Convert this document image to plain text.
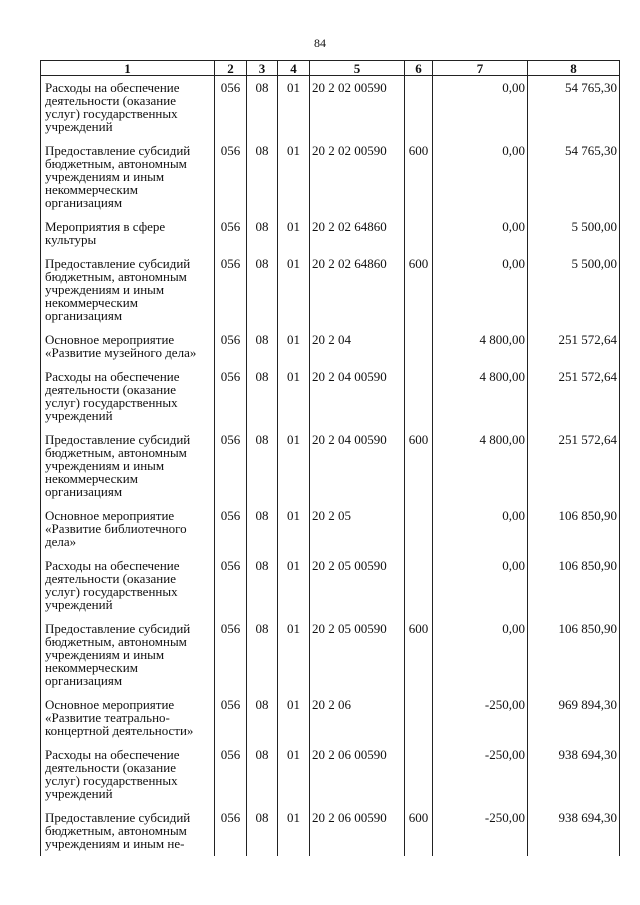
84
1	2	3	4	5	6	7	8
Расходы на обеспечение деятельности (оказание услуг) государственных учреждений	056	08	01	20 2 02 00590		0,00	54 765,30
Предоставление субсидий бюджетным, автономным учреждениям и иным некоммерческим организациям	056	08	01	20 2 02 00590	600	0,00	54 765,30
Мероприятия в сфере культуры	056	08	01	20 2 02 64860		0,00	5 500,00
Предоставление субсидий бюджетным, автономным учреждениям и иным некоммерческим организациям	056	08	01	20 2 02 64860	600	0,00	5 500,00
Основное мероприятие «Развитие музейного дела»	056	08	01	20 2 04		4 800,00	251 572,64
Расходы на обеспечение деятельности (оказание услуг) государственных учреждений	056	08	01	20 2 04 00590		4 800,00	251 572,64
Предоставление субсидий бюджетным, автономным учреждениям и иным некоммерческим организациям	056	08	01	20 2 04 00590	600	4 800,00	251 572,64
Основное мероприятие «Развитие библиотечного дела»	056	08	01	20 2 05		0,00	106 850,90
Расходы на обеспечение деятельности (оказание услуг) государственных учреждений	056	08	01	20 2 05 00590		0,00	106 850,90
Предоставление субсидий бюджетным, автономным учреждениям и иным некоммерческим организациям	056	08	01	20 2 05 00590	600	0,00	106 850,90
Основное мероприятие «Развитие театрально-концертной деятельности»	056	08	01	20 2 06		-250,00	969 894,30
Расходы на обеспечение деятельности (оказание услуг) государственных учреждений	056	08	01	20 2 06 00590		-250,00	938 694,30
Предоставление субсидий бюджетным, автономным учреждениям и иным не-	056	08	01	20 2 06 00590	600	-250,00	938 694,30
